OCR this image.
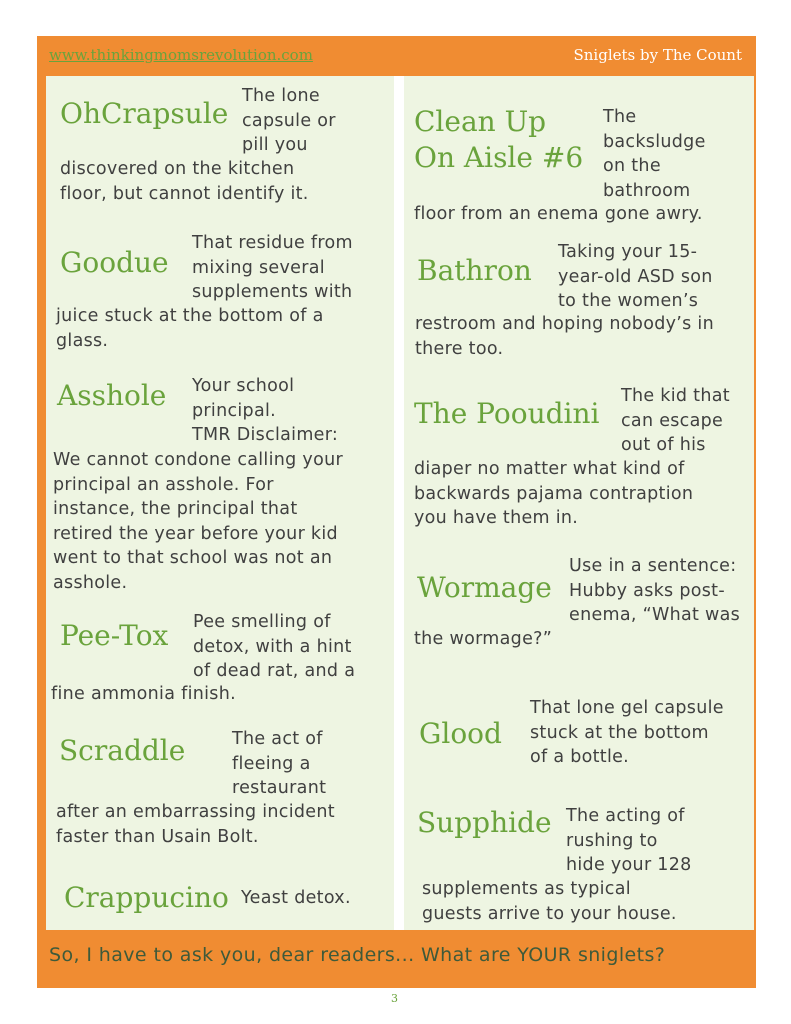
www.thinkingmomsrevolution.com	Sniglets by The Count
OhCrapsule
The lone
capsule or
pill you
discovered on the kitchen
floor, but cannot identify it.
Goodue
That residue from
mixing several
supplements with
juice stuck at the bottom of a
glass.
Asshole Your school
principal.
TMR Disclaimer:
We cannot condone calling your
principal an asshole. For
instance, the principal that
retired the year before your kid
went to that school was not an
asshole.
Pee-Tox Pee smelling of
detox, with a hint
of dead rat, and a
fine ammonia finish.
Scraddle	The act of
fleeing a
restaurant
after an embarrassing incident
faster than Usain Bolt.
Crappucino Yeast detox.
Clean Up
On Aisle #6
The
backsludge
on the
bathroom
floor from an enema gone awry.
Bathron
Taking your 15-
year-old ASD son
to the women’s
restroom and hoping nobody’s in
there too.
The Pooudini
The kid that
can escape
out of his
diaper no matter what kind of
backwards pajama contraption
you have them in.
Wormage
Use in a sentence:
Hubby asks post-
enema, “What was
the wormage?”
Glood
That lone gel capsule
stuck at the bottom
of a bottle.
Supphide The acting of
rushing to
hide your 128
supplements as typical
guests arrive to your house.
So, I have to ask you, dear readers... What are YOUR sniglets?
3
